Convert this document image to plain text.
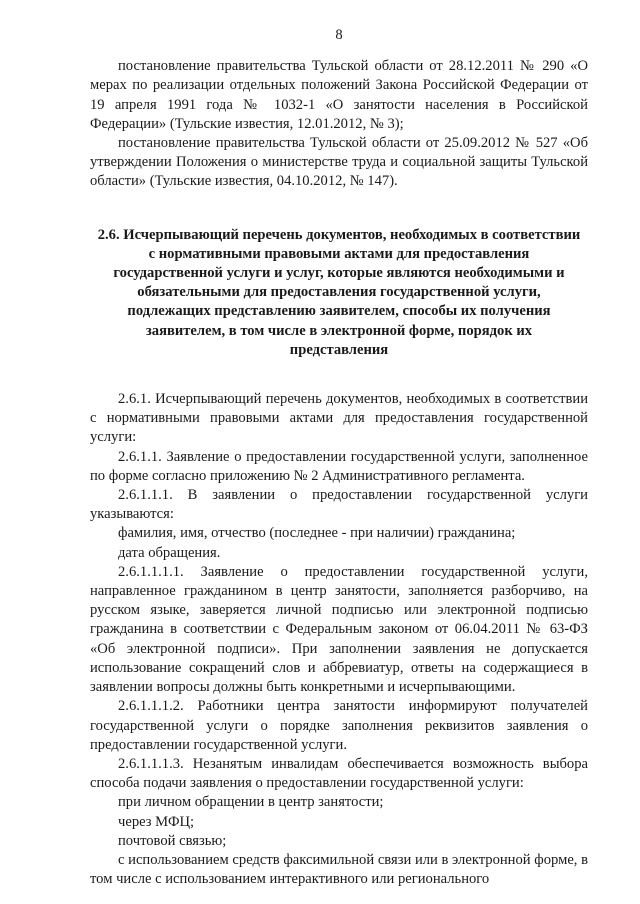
8

постановление правительства Тульской области от 28.12.2011 № 290 «О мерах по реализации отдельных положений Закона Российской Федерации от 19 апреля 1991 года № 1032-1 «О занятости населения в Российской Федерации» (Тульские известия, 12.01.2012, № 3);

постановление правительства Тульской области от 25.09.2012 № 527 «Об утверждении Положения о министерстве труда и социальной защиты Тульской области» (Тульские известия, 04.10.2012, № 147).

2.6. Исчерпывающий перечень документов, необходимых в соответствии
с нормативными правовыми актами для предоставления
государственной услуги и услуг, которые являются необходимыми и
обязательными для предоставления государственной услуги,
подлежащих представлению заявителем, способы их получения
заявителем, в том числе в электронной форме, порядок их
представления

2.6.1. Исчерпывающий перечень документов, необходимых в соответствии с нормативными правовыми актами для предоставления государственной услуги:

2.6.1.1. Заявление о предоставлении государственной услуги, заполненное по форме согласно приложению № 2 Административного регламента.

2.6.1.1.1. В заявлении о предоставлении государственной услуги указываются:

фамилия, имя, отчество (последнее - при наличии) гражданина;

дата обращения.

2.6.1.1.1.1. Заявление о предоставлении государственной услуги, направленное гражданином в центр занятости, заполняется разборчиво, на русском языке, заверяется личной подписью или электронной подписью гражданина в соответствии с Федеральным законом от 06.04.2011 № 63-ФЗ «Об электронной подписи». При заполнении заявления не допускается использование сокращений слов и аббревиатур, ответы на содержащиеся в заявлении вопросы должны быть конкретными и исчерпывающими.

2.6.1.1.1.2. Работники центра занятости информируют получателей государственной услуги о порядке заполнения реквизитов заявления о предоставлении государственной услуги.

2.6.1.1.1.3. Незанятым инвалидам обеспечивается возможность выбора способа подачи заявления о предоставлении государственной услуги:

при личном обращении в центр занятости;

через МФЦ;

почтовой связью;

с использованием средств факсимильной связи или в электронной форме, в том числе с использованием интерактивного или регионального
